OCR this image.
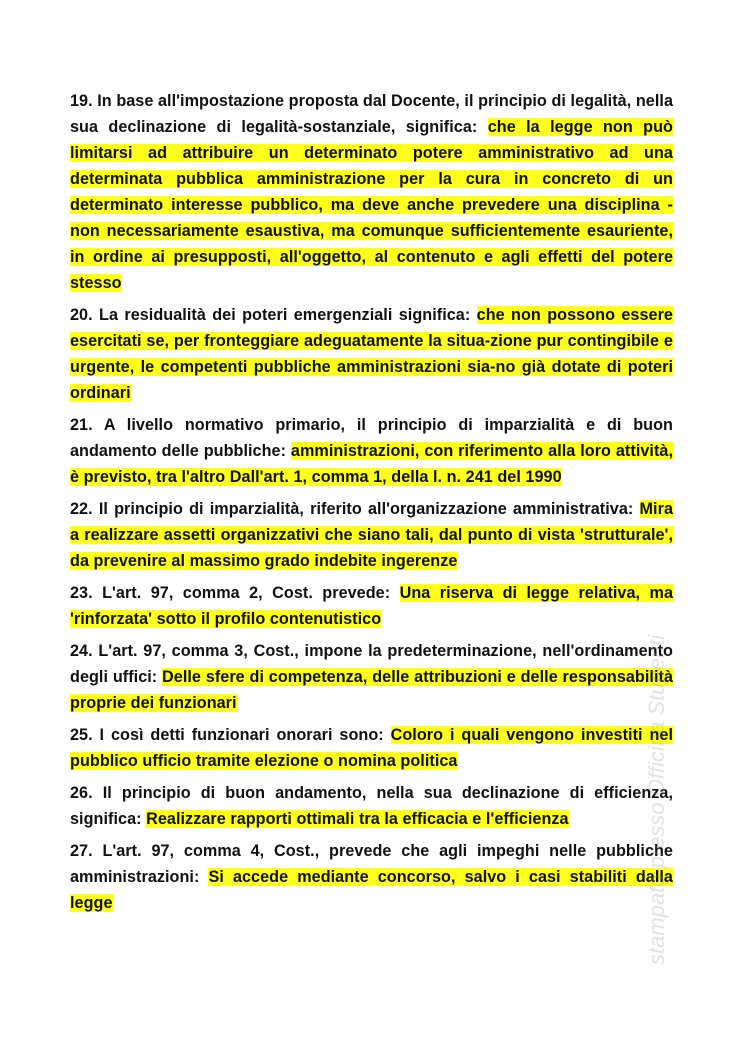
19. In base all'impostazione proposta dal Docente, il principio di legalità, nella sua declinazione di legalità-sostanziale, significa: che la legge non può limitarsi ad attribuire un determinato potere amministrativo ad una determinata pubblica amministrazione per la cura in concreto di un determinato interesse pubblico, ma deve anche prevedere una disciplina - non necessariamente esaustiva, ma comunque sufficientemente esauriente, in ordine ai presupposti, all'oggetto, al contenuto e agli effetti del potere stesso

20. La residualità dei poteri emergenziali significa: che non possono essere esercitati se, per fronteggiare adeguatamente la situa-zione pur contingibile e urgente, le competenti pubbliche amministrazioni sia-no già dotate di poteri ordinari

21. A livello normativo primario, il principio di imparzialità e di buon andamento delle pubbliche: amministrazioni, con riferimento alla loro attività, è previsto, tra l'altro Dall'art. 1, comma 1, della l. n. 241 del 1990

22. Il principio di imparzialità, riferito all'organizzazione amministrativa: Mira a realizzare assetti organizzativi che siano tali, dal punto di vista 'strutturale', da prevenire al massimo grado indebite ingerenze

23. L'art. 97, comma 2, Cost. prevede: Una riserva di legge relativa, ma 'rinforzata' sotto il profilo contenutistico

24. L'art. 97, comma 3, Cost., impone la predeterminazione, nell'ordinamento degli uffici: Delle sfere di competenza, delle attribuzioni e delle responsabilità proprie dei funzionari

25. I così detti funzionari onorari sono: Coloro i quali vengono investiti nel pubblico ufficio tramite elezione o nomina politica

26. Il principio di buon andamento, nella sua declinazione di efficienza, significa: Realizzare rapporti ottimali tra la efficacia e l'efficienza

27. L'art. 97, comma 4, Cost., prevede che agli impeghi nelle pubbliche amministrazioni: Si accede mediante concorso, salvo i casi stabiliti dalla legge	stampato presso Officina Studenti
